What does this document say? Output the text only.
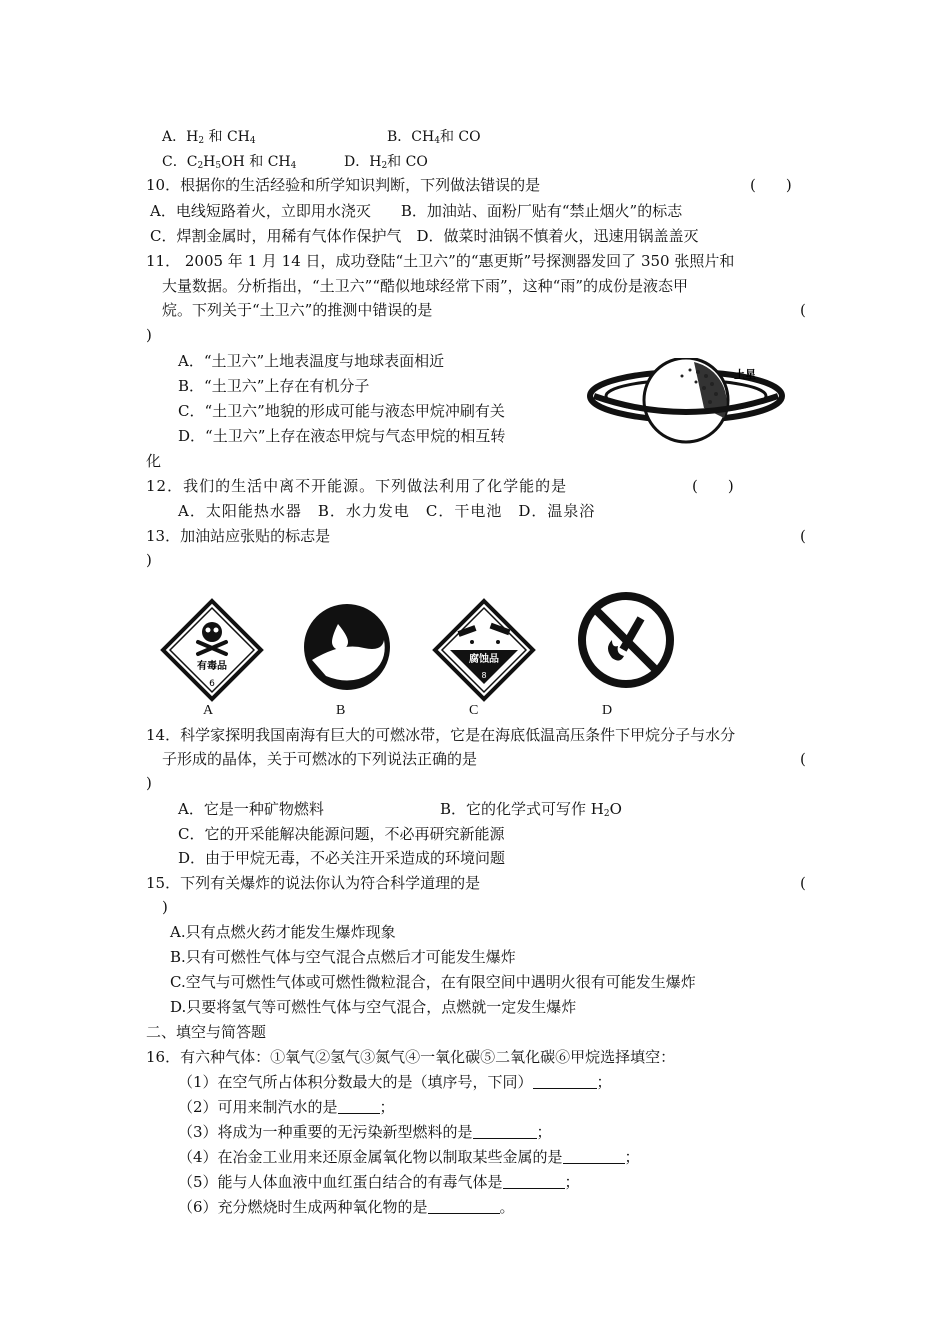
A．$H_2$ 和 $CH_4$	B．$CH_4$和 CO
C．$C_2H_5OH$ 和 $CH_4$	D．$H_2$和 CO
10．根据你的生活经验和所学知识判断，下列做法错误的是	(　　)
A．电线短路着火，立即用水浇灭　　B．加油站、面粉厂贴有“禁止烟火”的标志
C．焊割金属时，用稀有气体作保护气　D．做菜时油锅不慎着火，迅速用锅盖盖灭
11． 2005 年 1 月 14 日，成功登陆“土卫六”的“惠更斯”号探测器发回了 350 张照片和
大量数据。分析指出，“土卫六”“酷似地球经常下雨”，这种“雨”的成份是液态甲
烷。下列关于“土卫六”的推测中错误的是	(
)
A．“土卫六”上地表温度与地球表面相近
B．“土卫六”上存在有机分子
C．“土卫六”地貌的形成可能与液态甲烷冲刷有关
D．“土卫六”上存在液态甲烷与气态甲烷的相互转
化
土星
12．我们的生活中离不开能源。下列做法利用了化学能的是	(　　)
A．太阳能热水器　B．水力发电　C．干电池　D．温泉浴
13．加油站应张贴的标志是	(
)
有毒品
6
腐蚀品
8
A	B	C	D
14．科学家探明我国南海有巨大的可燃冰带，它是在海底低温高压条件下甲烷分子与水分
子形成的晶体，关于可燃冰的下列说法正确的是	(
)
A．它是一种矿物燃料	B．它的化学式可写作 $H_2O$
C．它的开采能解决能源问题，不必再研究新能源
D．由于甲烷无毒，不必关注开采造成的环境问题
15．下列有关爆炸的说法你认为符合科学道理的是	(
)
A.只有点燃火药才能发生爆炸现象
B.只有可燃性气体与空气混合点燃后才可能发生爆炸
C.空气与可燃性气体或可燃性微粒混合，在有限空间中遇明火很有可能发生爆炸
D.只要将氢气等可燃性气体与空气混合，点燃就一定发生爆炸
二、填空与简答题
16．有六种气体：①氧气②氢气③氮气④一氧化碳⑤二氧化碳⑥甲烷选择填空：
（1）在空气所占体积分数最大的是（填序号，下同）	；
（2）可用来制汽水的是	；
（3）将成为一种重要的无污染新型燃料的是	；
（4）在冶金工业用来还原金属氧化物以制取某些金属的是	；
（5）能与人体血液中血红蛋白结合的有毒气体是	；
（6）充分燃烧时生成两种氧化物的是	。
